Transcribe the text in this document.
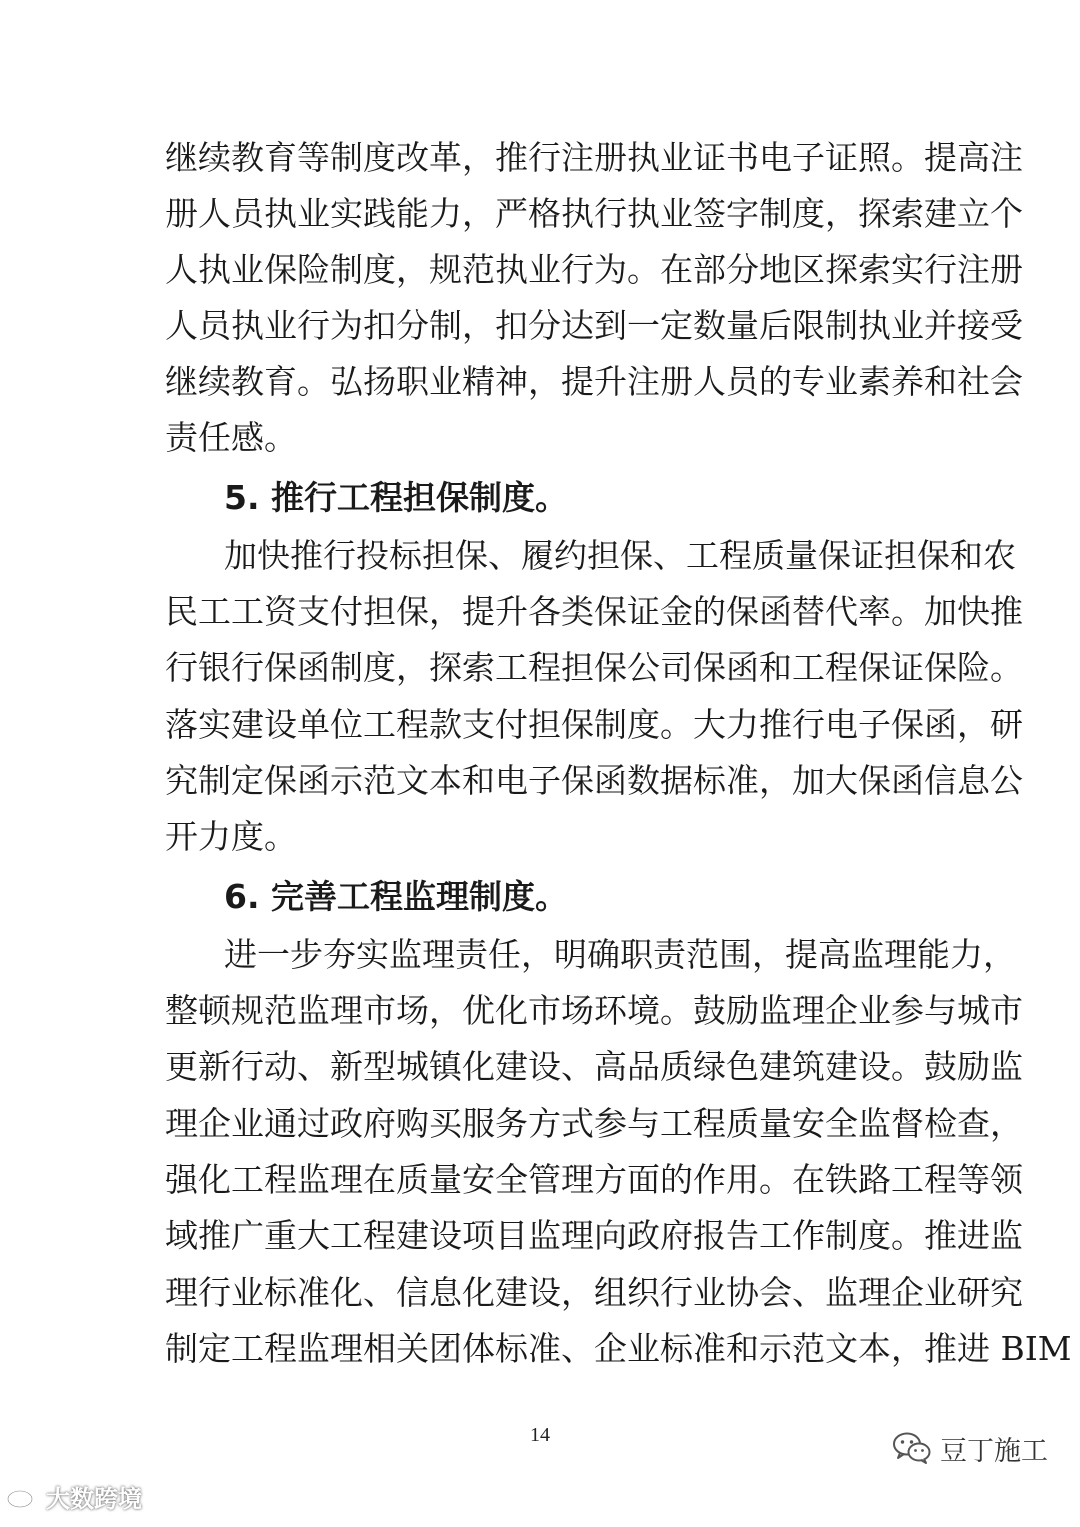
继续教育等制度改革，推行注册执业证书电子证照。提高注
册人员执业实践能力，严格执行执业签字制度，探索建立个
人执业保险制度，规范执业行为。在部分地区探索实行注册
人员执业行为扣分制，扣分达到一定数量后限制执业并接受
继续教育。弘扬职业精神，提升注册人员的专业素养和社会
责任感。
5. 推行工程担保制度。
加快推行投标担保、履约担保、工程质量保证担保和农
民工工资支付担保，提升各类保证金的保函替代率。加快推
行银行保函制度，探索工程担保公司保函和工程保证保险。
落实建设单位工程款支付担保制度。大力推行电子保函，研
究制定保函示范文本和电子保函数据标准，加大保函信息公
开力度。
6. 完善工程监理制度。
进一步夯实监理责任，明确职责范围，提高监理能力，
整顿规范监理市场，优化市场环境。鼓励监理企业参与城市
更新行动、新型城镇化建设、高品质绿色建筑建设。鼓励监
理企业通过政府购买服务方式参与工程质量安全监督检查，
强化工程监理在质量安全管理方面的作用。在铁路工程等领
域推广重大工程建设项目监理向政府报告工作制度。推进监
理行业标准化、信息化建设，组织行业协会、监理企业研究
制定工程监理相关团体标准、企业标准和示范文本，推进 BIM
14
豆丁施工
大数跨境
